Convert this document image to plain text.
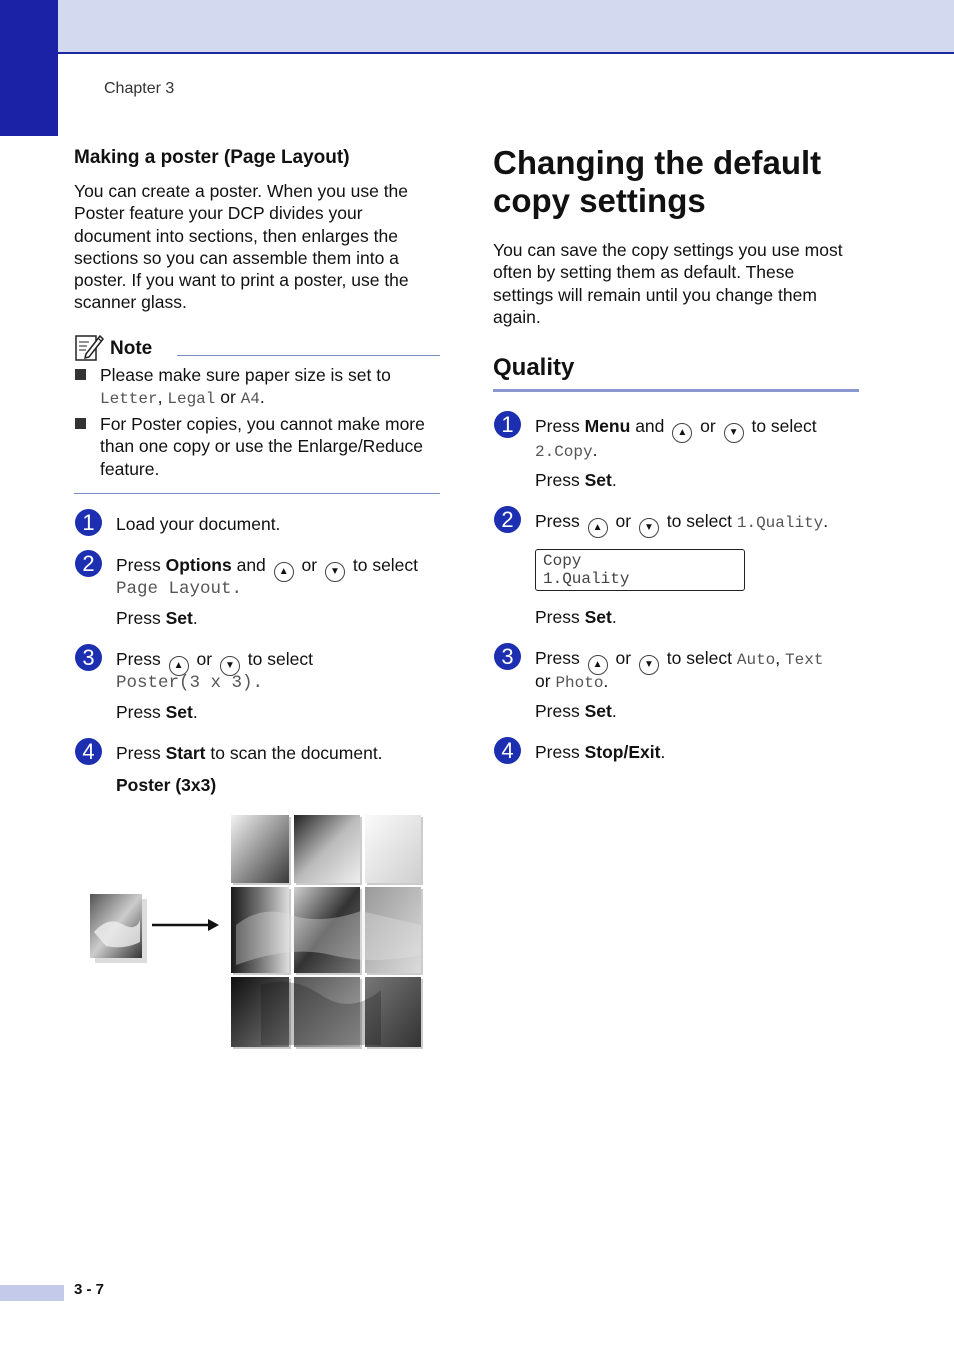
Chapter 3
Making a poster (Page Layout)
You can create a poster. When you use the
Poster feature your DCP divides your
document into sections, then enlarges the
sections so you can assemble them into a
poster. If you want to print a poster, use the
scanner glass.
Note
Please make sure paper size is set to
Letter, Legal or A4.
For Poster copies, you cannot make more
than one copy or use the Enlarge/Reduce
feature.
1	Load your document.
2	Press Options and ▲ or ▼ to select
Page Layout.
Press Set.
3	Press ▲ or ▼ to select
Poster(3 x 3).
Press Set.
4	Press Start to scan the document.
Poster (3x3)
Changing the default
copy settings
You can save the copy settings you use most
often by setting them as default. These
settings will remain until you change them
again.
Quality
1	Press Menu and ▲ or ▼ to select
2.Copy.
Press Set.
2	Press ▲ or ▼ to select 1.Quality.
Copy
1.Quality
Press Set.
3	Press ▲ or ▼ to select Auto, Text
or Photo.
Press Set.
4	Press Stop/Exit.
3 - 7
